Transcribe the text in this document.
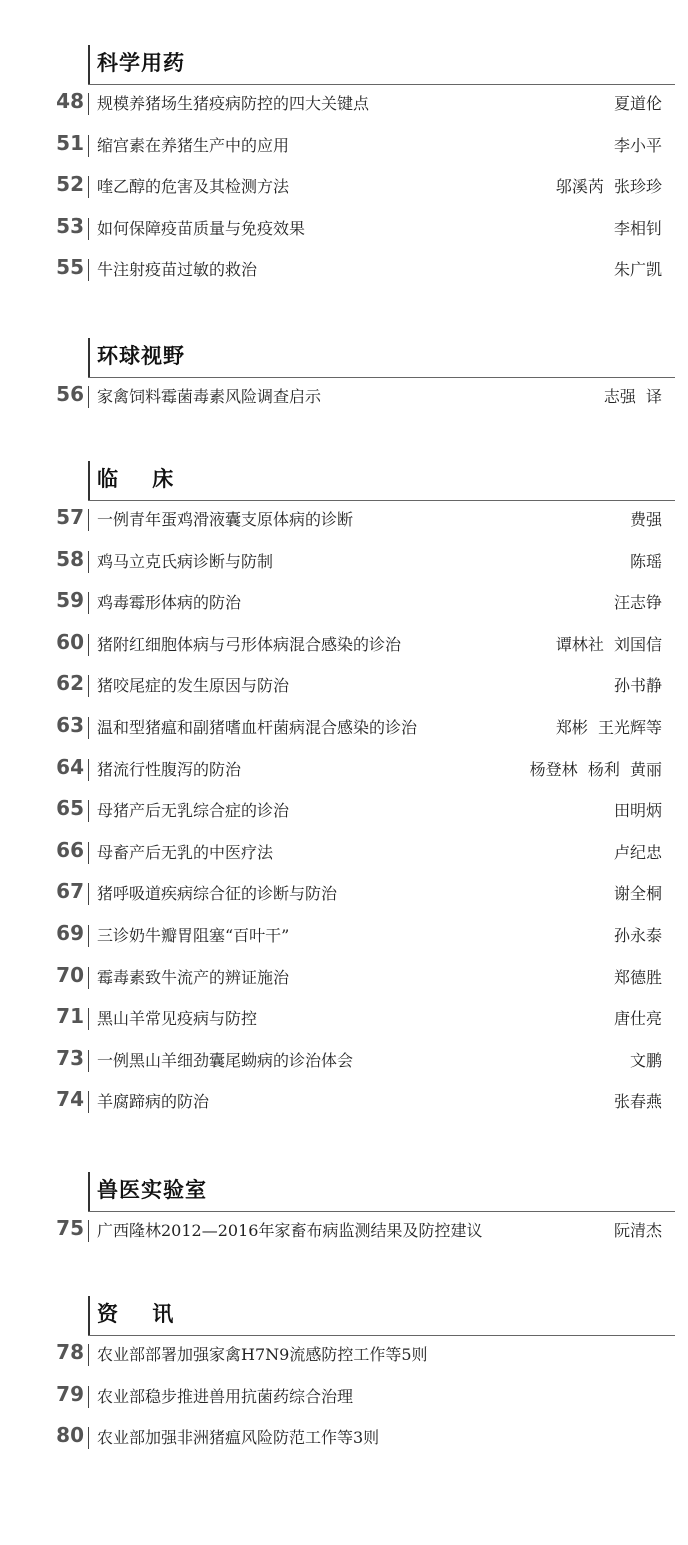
科学用药
48 规模养猪场生猪疫病防控的四大关键点	夏道伦
51 缩宫素在养猪生产中的应用	李小平
52 喹乙醇的危害及其检测方法	邬溪芮  张珍珍
53 如何保障疫苗质量与免疫效果	李相钊
55 牛注射疫苗过敏的救治	朱广凯
环球视野
56 家禽饲料霉菌毒素风险调查启示	志强  译
临    床
57 一例青年蛋鸡滑液囊支原体病的诊断	费强
58 鸡马立克氏病诊断与防制	陈瑶
59 鸡毒霉形体病的防治	汪志铮
60 猪附红细胞体病与弓形体病混合感染的诊治	谭林社  刘国信
62 猪咬尾症的发生原因与防治	孙书静
63 温和型猪瘟和副猪嗜血杆菌病混合感染的诊治	郑彬  王光辉等
64 猪流行性腹泻的防治	杨登林  杨利  黄丽
65 母猪产后无乳综合症的诊治	田明炳
66 母畜产后无乳的中医疗法	卢纪忠
67 猪呼吸道疾病综合征的诊断与防治	谢全桐
69 三诊奶牛瓣胃阻塞“百叶干”	孙永泰
70 霉毒素致牛流产的辨证施治	郑德胜
71 黑山羊常见疫病与防控	唐仕亮
73 一例黑山羊细劲囊尾蚴病的诊治体会	文鹏
74 羊腐蹄病的防治	张春燕
兽医实验室
75 广西隆林2012—2016年家畜布病监测结果及防控建议	阮清杰
资    讯
78 农业部部署加强家禽H7N9流感防控工作等5则
79 农业部稳步推进兽用抗菌药综合治理
80 农业部加强非洲猪瘟风险防范工作等3则
